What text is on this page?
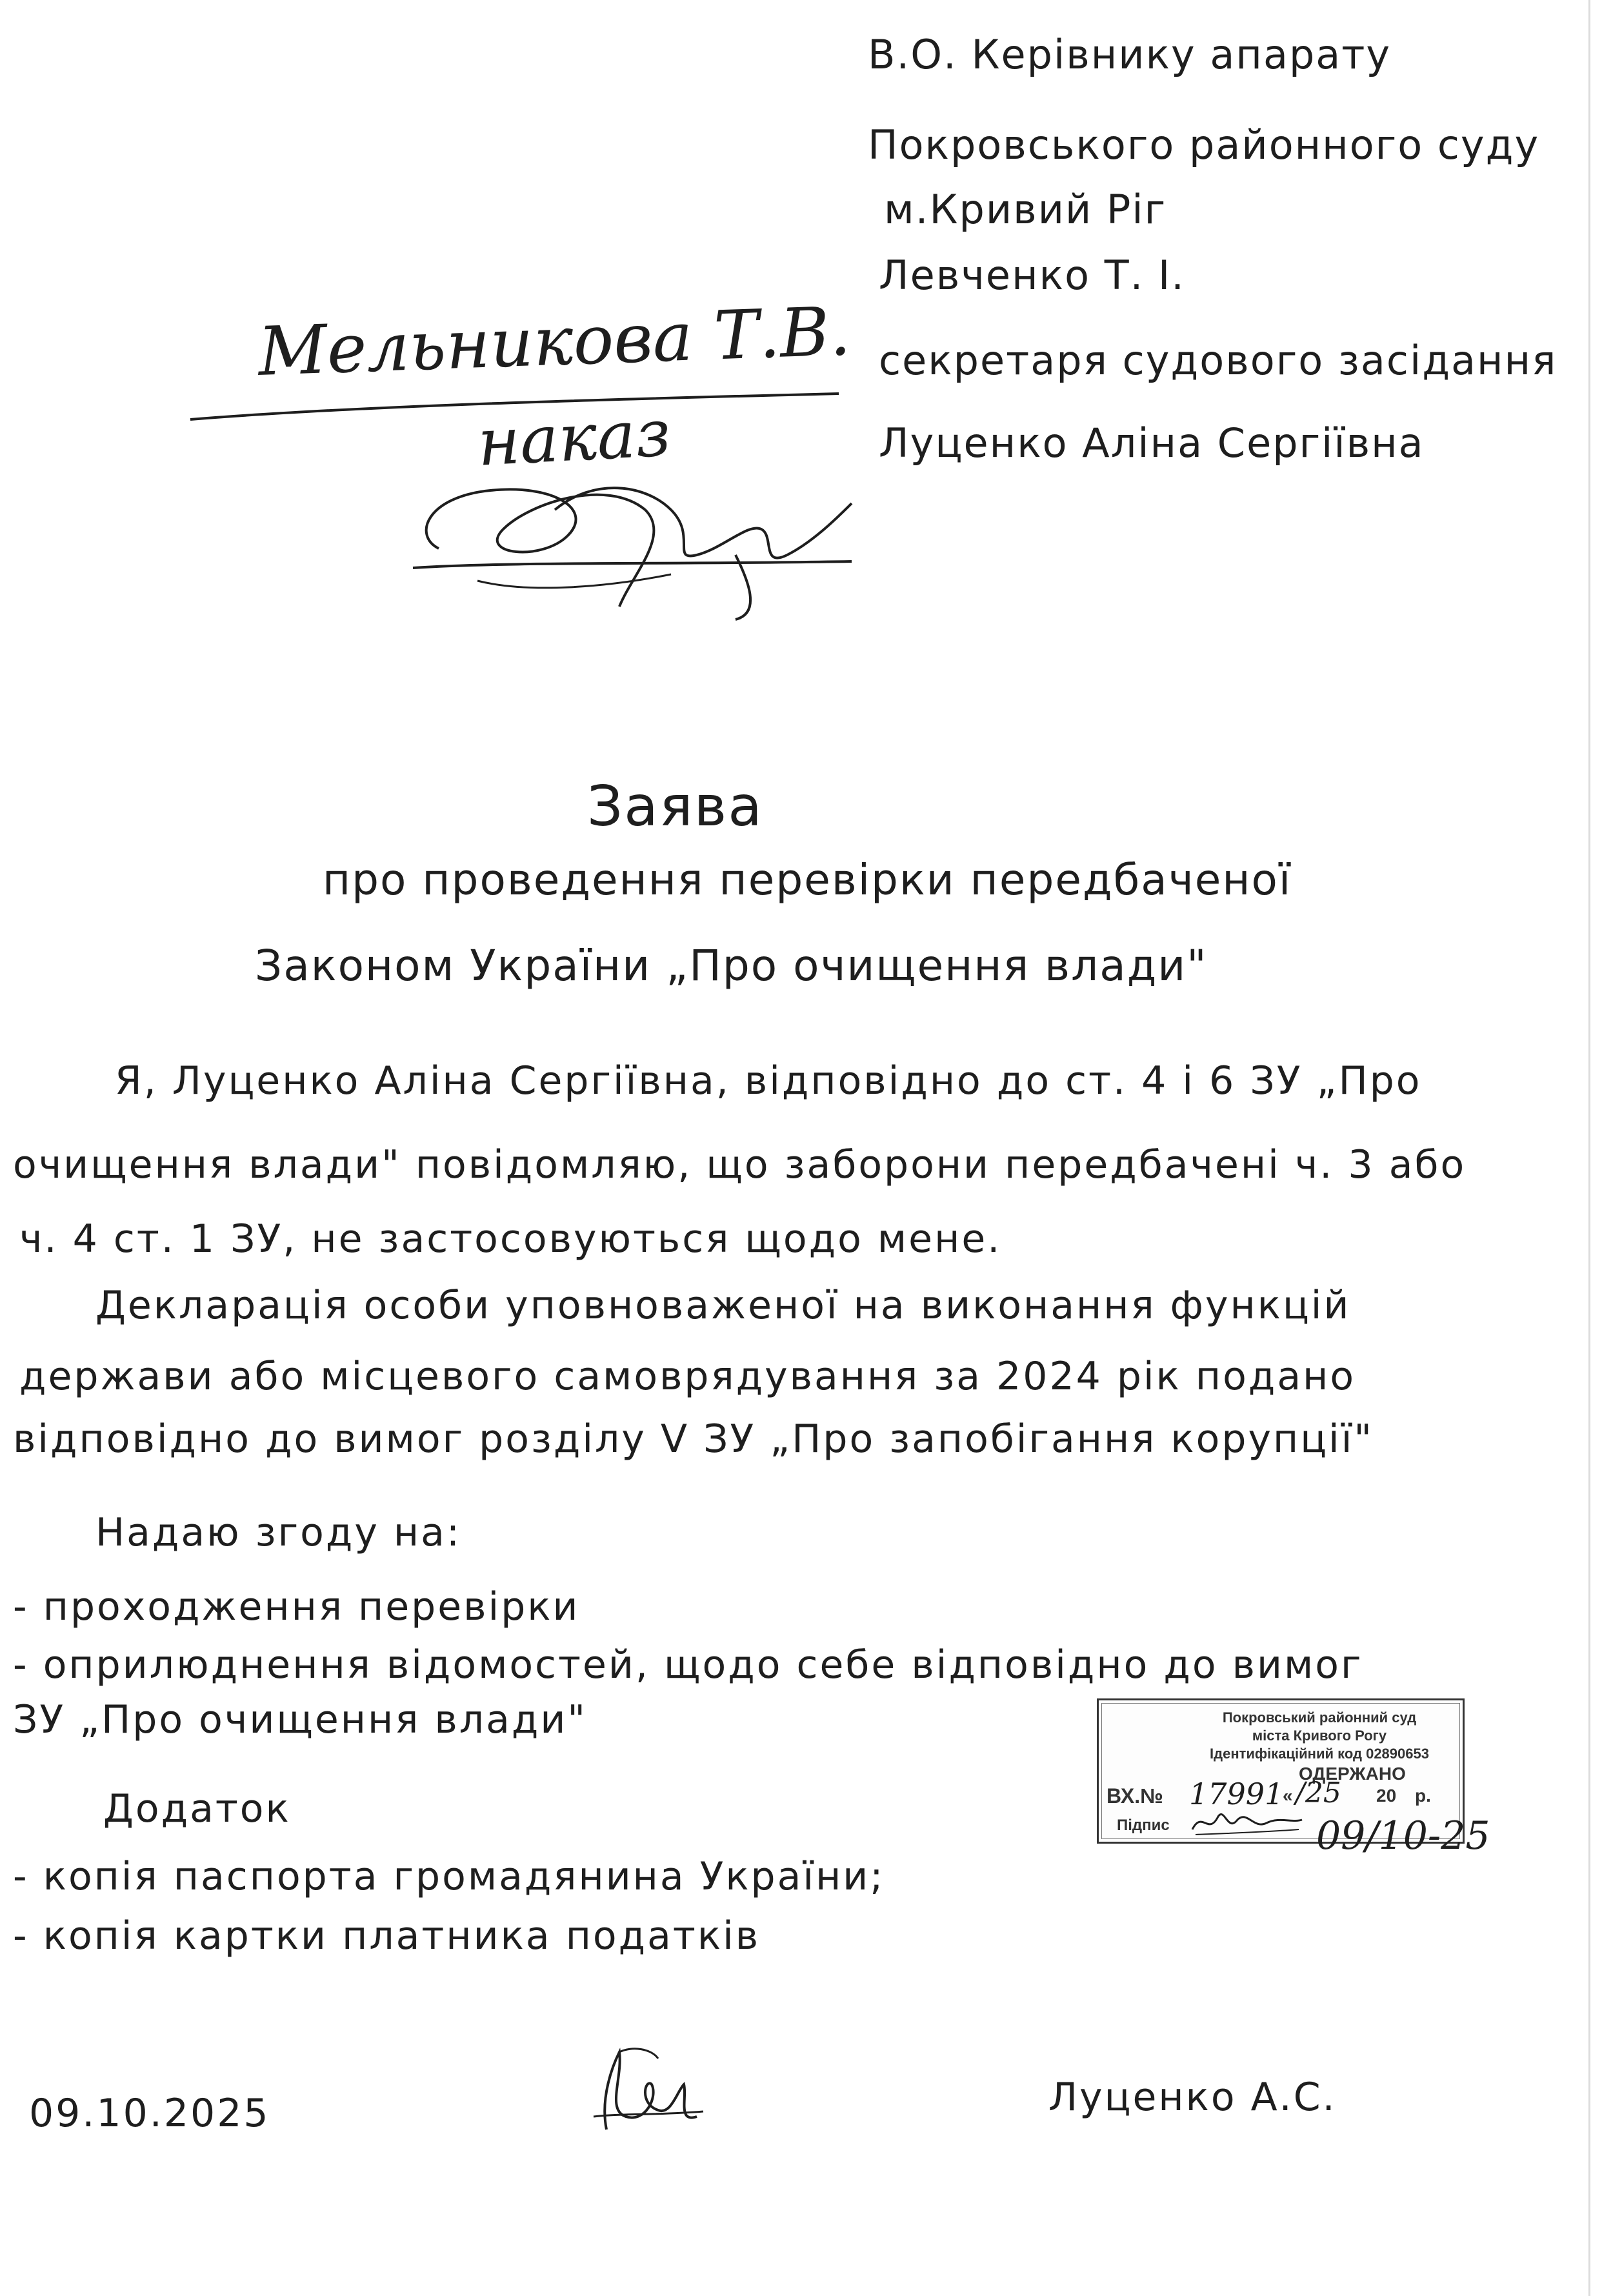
В.О. Керівнику апарату
Покровського районного суду
м.Кривий Ріг
Левченко Т. І.
секретаря судового засідання
Луценко Аліна Сергіївна
Мельникова Т.В.
наказ
Заява
про проведення перевірки передбаченої
Законом України „Про очищення влади"
Я, Луценко Аліна Сергіївна, відповідно до ст. 4 і 6 ЗУ „Про
очищення влади" повідомляю, що заборони передбачені ч. 3 або
ч. 4 ст. 1 ЗУ, не застосовуються щодо мене.
Декларація особи уповноваженої на виконання функцій
держави або місцевого самоврядування за 2024 рік подано
відповідно до вимог розділу V ЗУ „Про запобігання корупції"
Надаю згоду на:
- проходження перевірки
- оприлюднення відомостей, щодо себе відповідно до вимог
ЗУ „Про очищення влади"
Додаток
- копія паспорта громадянина України;
- копія картки платника податків
Покровський районний суд
міста Кривого Рогу
Ідентифікаційний код 02890653
ОДЕРЖАНО
ВХ.№ 17991
« /25 20 р.
Підпис	09/10-25
09.10.2025	Луценко А.С.
